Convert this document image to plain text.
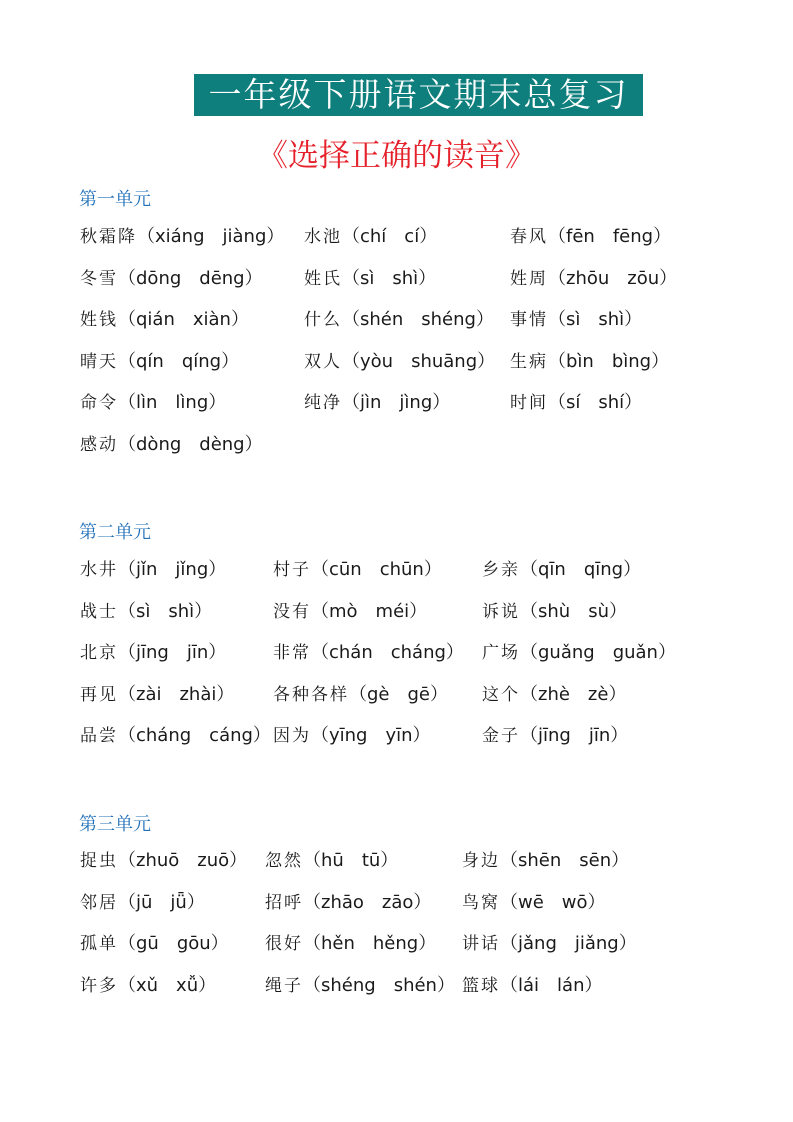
一年级下册语文期末总复习
《选择正确的读音》
第一单元
秋霜降（xiáng　jiàng） 水池（chí　cí）	春风（fēn　fēng）
冬雪（dōng　dēng） 姓氏（sì　shì）	姓周（zhōu　zōu）
姓钱（qián　xiàn）	什么（shén　shéng） 事情（sì　shì）
晴天（qín　qíng）	双人（yòu　shuāng） 生病（bìn　bìng）
命令（lìn　lìng）	纯净（jìn　jìng）	时间（sí　shí）
感动（dòng　dèng）
第二单元
水井（jǐn　jǐng）	村子（cūn　chūn） 乡亲（qīn　qīng）
战士（sì　shì）	没有（mò　méi）	诉说（shù　sù）
北京（jīng　jīn）	非常（chán　cháng） 广场（guǎng　guǎn）
再见（zài　zhài） 各种各样（gè　gē） 这个（zhè　zè）
品尝（cháng　cáng） 因为（yīng　yīn）	金子（jīng　jīn）
第三单元
捉虫（zhuō　zuō） 忽然（hū　tū）	身边（shēn　sēn）
邻居（jū　jǖ）	招呼（zhāo　zāo） 鸟窝（wē　wō）
孤单（gū　gōu） 很好（hěn　hěng） 讲话（jǎng　jiǎng）
许多（xǔ　xǚ）	绳子（shéng　shén） 篮球（lái　lán）
